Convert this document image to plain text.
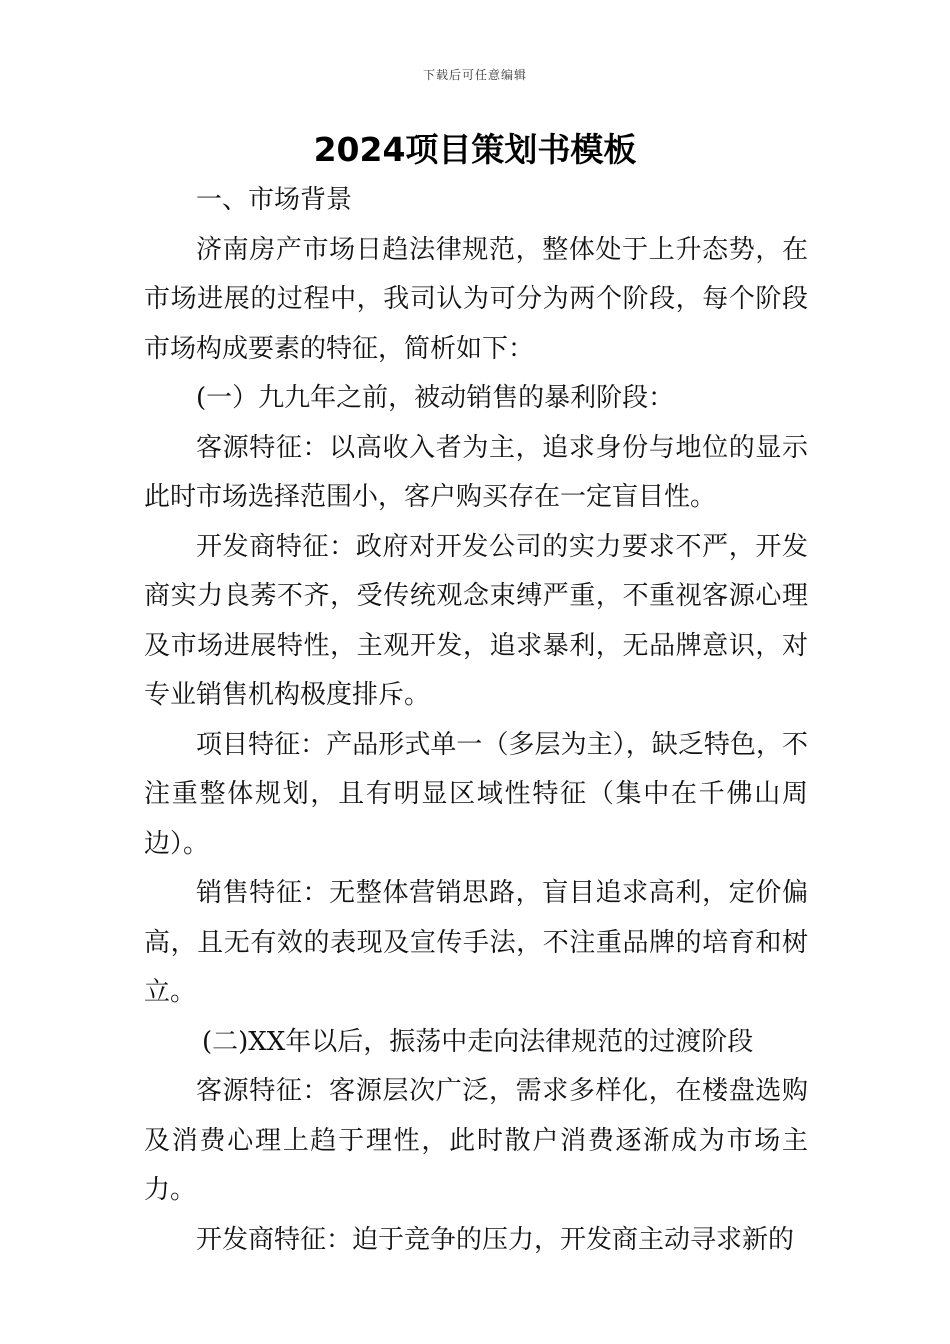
下载后可任意编辑
2024项目策划书模板

一、市场背景

济南房产市场日趋法律规范，整体处于上升态势，在市场进展的过程中，我司认为可分为两个阶段，每个阶段市场构成要素的特征，简析如下：

(一）九九年之前，被动销售的暴利阶段：

客源特征：以高收入者为主，追求身份与地位的显示此时市场选择范围小，客户购买存在一定盲目性。

开发商特征：政府对开发公司的实力要求不严，开发商实力良莠不齐，受传统观念束缚严重，不重视客源心理及市场进展特性，主观开发，追求暴利，无品牌意识，对专业销售机构极度排斥。

项目特征：产品形式单一（多层为主），缺乏特色，不注重整体规划，且有明显区域性特征（集中在千佛山周边）。

销售特征：无整体营销思路，盲目追求高利，定价偏高，且无有效的表现及宣传手法，不注重品牌的培育和树立。

(二)XX年以后，振荡中走向法律规范的过渡阶段

客源特征：客源层次广泛，需求多样化，在楼盘选购及消费心理上趋于理性，此时散户消费逐渐成为市场主力。

开发商特征：迫于竞争的压力，开发商主动寻求新的
